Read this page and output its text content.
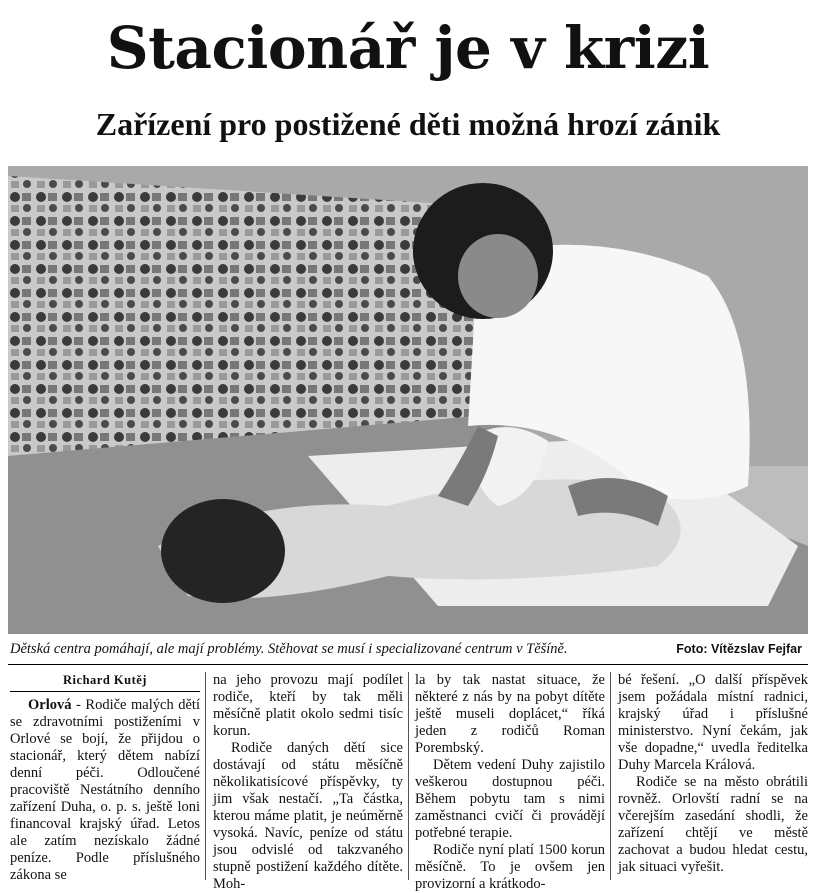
Stacionář je v krizi
Zařízení pro postižené děti možná hrozí zánik
Dětská centra pomáhají, ale mají problémy. Stěhovat se musí i specializované centrum v Těšíně.	Foto: Vítězslav Fejfar
Richard Kutěj

Orlová - Rodiče malých dětí se zdravotními postiženími v Orlové se bojí, že přijdou o stacionář, který dětem nabízí denní péči. Odloučené pracoviště Nestátního denního zařízení Duha, o. p. s. ještě loni financoval krajský úřad. Letos ale zatím nezískalo žádné peníze. Podle příslušného zákona se

na jeho provozu mají podílet rodiče, kteří by tak měli měsíčně platit okolo sedmi tisíc korun.

Rodiče daných dětí sice dostávají od státu měsíčně několikatisícové příspěvky, ty jim však nestačí. „Ta částka, kterou máme platit, je neúměrně vysoká. Navíc, peníze od státu jsou odvislé od takzvaného stupně postižení každého dítěte. Moh-

la by tak nastat situace, že některé z nás by na pobyt dítěte ještě museli doplácet,“ říká jeden z rodičů Roman Porembský.

Dětem vedení Duhy zajistilo veškerou dostupnou péči. Během pobytu tam s nimi zaměstnanci cvičí či provádějí potřebné terapie.

Rodiče nyní platí 1500 korun měsíčně. To je ovšem jen provizorní a krátkodo-

bé řešení. „O další příspěvek jsem požádala místní radnici, krajský úřad i příslušné ministerstvo. Nyní čekám, jak vše dopadne,“ uvedla ředitelka Duhy Marcela Králová.

Rodiče se na město obrátili rovněž. Orlovští radní se na včerejším zasedání shodli, že zařízení chtějí ve městě zachovat a budou hledat cestu, jak situaci vyřešit.
